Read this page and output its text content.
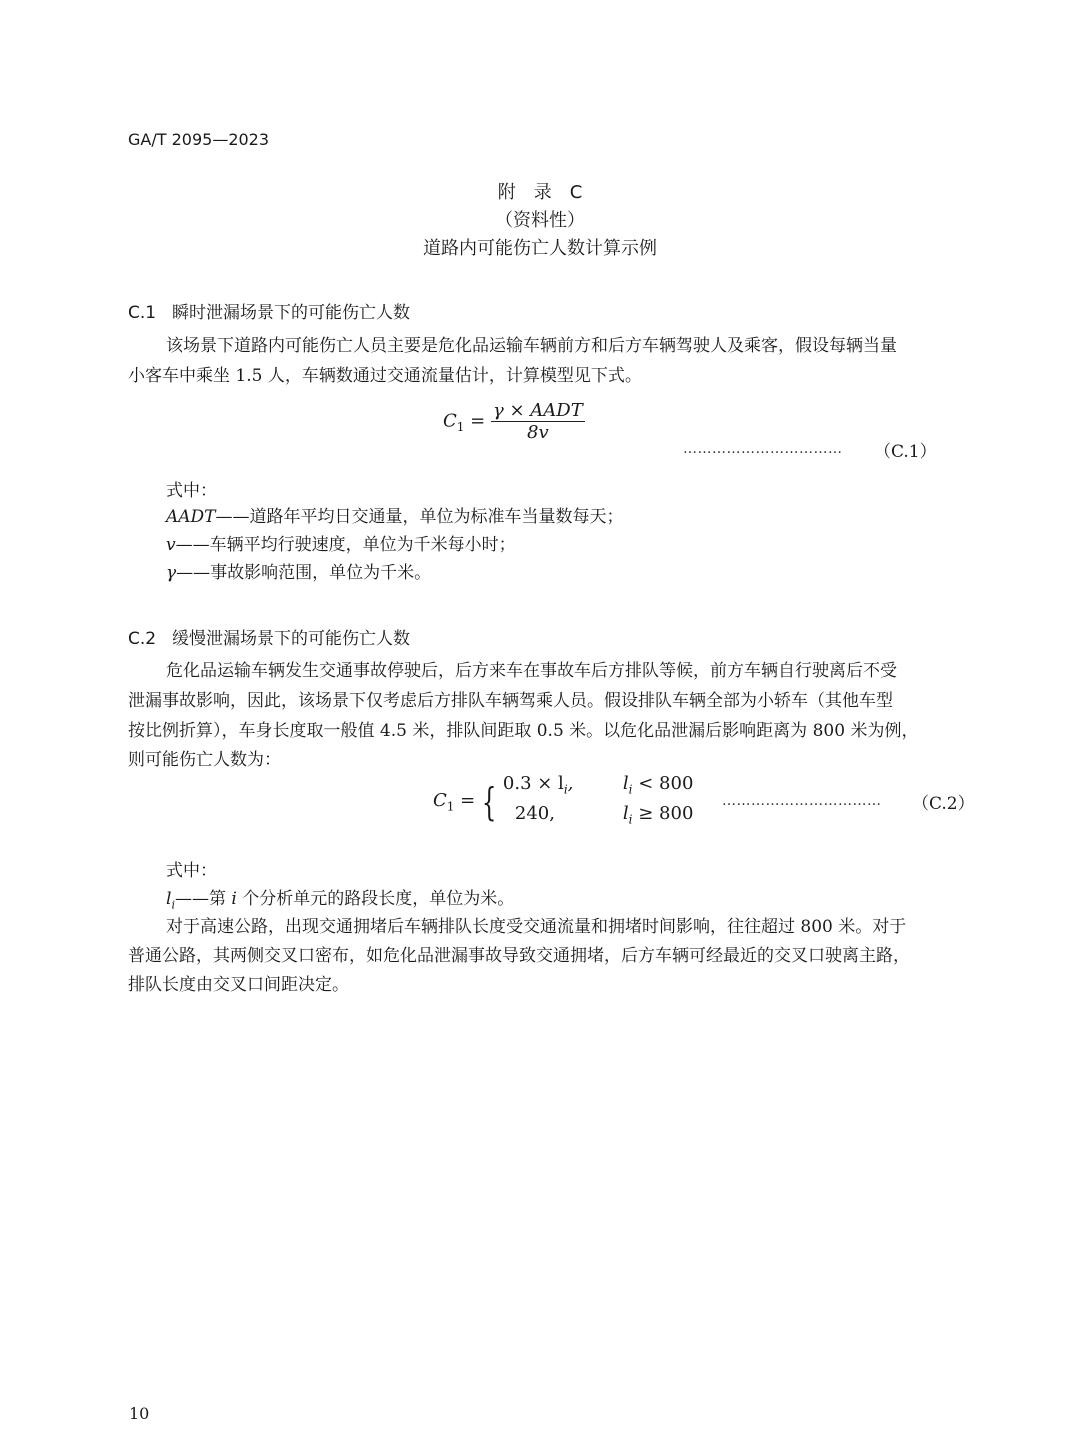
GA/T 2095—2023
附　录　C
（资料性）
道路内可能伤亡人数计算示例
C.1 瞬时泄漏场景下的可能伤亡人数
该场景下道路内可能伤亡人员主要是危化品运输车辆前方和后方车辆驾驶人及乘客，假设每辆当量
小客车中乘坐 1.5 人，车辆数通过交通流量估计，计算模型见下式。
$C_1 = \frac{\text{γ × AADT}}{8v}$
…………………………… （C.1）
式中：
AADT——道路年平均日交通量，单位为标准车当量数每天；
v——车辆平均行驶速度，单位为千米每小时；
γ——事故影响范围，单位为千米。
C.2 缓慢泄漏场景下的可能伤亡人数
危化品运输车辆发生交通事故停驶后，后方来车在事故车后方排队等候，前方车辆自行驶离后不受
泄漏事故影响，因此，该场景下仅考虑后方排队车辆驾乘人员。假设排队车辆全部为小轿车（其他车型
按比例折算），车身长度取一般值 4.5 米，排队间距取 0.5 米。以危化品泄漏后影响距离为 800 米为例，
则可能伤亡人数为：
$C_1$ = { $0.3 \times l_i$,	$l_i < 800$
240,	$l_i \ge 800$
…………………………… （C.2）
式中：
$l_i——$第 i 个分析单元的路段长度，单位为米。
对于高速公路，出现交通拥堵后车辆排队长度受交通流量和拥堵时间影响，往往超过 800 米。对于
普通公路，其两侧交叉口密布，如危化品泄漏事故导致交通拥堵，后方车辆可经最近的交叉口驶离主路，
排队长度由交叉口间距决定。
10
